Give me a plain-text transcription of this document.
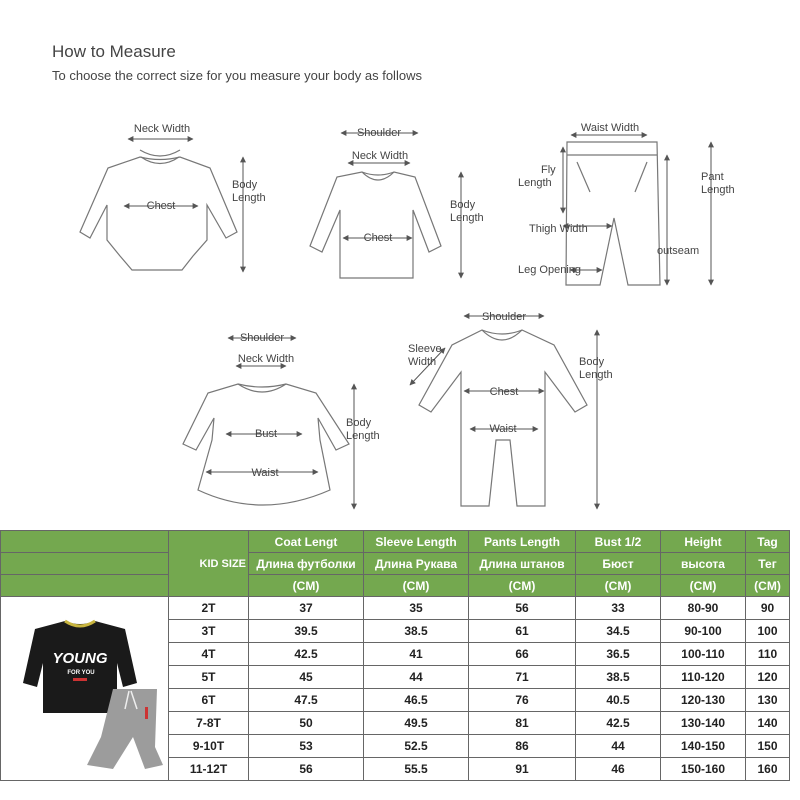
How to Measure
To choose the correct size for you measure your body as follows
Neck Width
Chest
Body
Length
Shoulder
Neck Width
Chest
Body
Length
Waist Width
Fly
Length
Thigh Width
Leg Opening
outseam
Pant
Length
Shoulder
Neck Width
Bust
Waist
Body
Length
Shoulder
Sleeve
Width
Chest
Waist
Body
Length
	KID SIZE	Coat Lengt	Sleeve Length	Pants Length	Bust 1/2	Height	Tag
		Длина футболки	Длина Рукава	Длина штанов	Бюст	высота	Тег
		(CM)	(CM)	(CM)	(CM)	(CM)	(CM)

YOUNG
FOR YOU	2T	37	35	56	33	80-90	90
	3T	39.5	38.5	61	34.5	90-100	100
	4T	42.5	41	66	36.5	100-110	110
	5T	45	44	71	38.5	110-120	120
	6T	47.5	46.5	76	40.5	120-130	130
	7-8T	50	49.5	81	42.5	130-140	140
	9-10T	53	52.5	86	44	140-150	150
	11-12T	56	55.5	91	46	150-160	160
